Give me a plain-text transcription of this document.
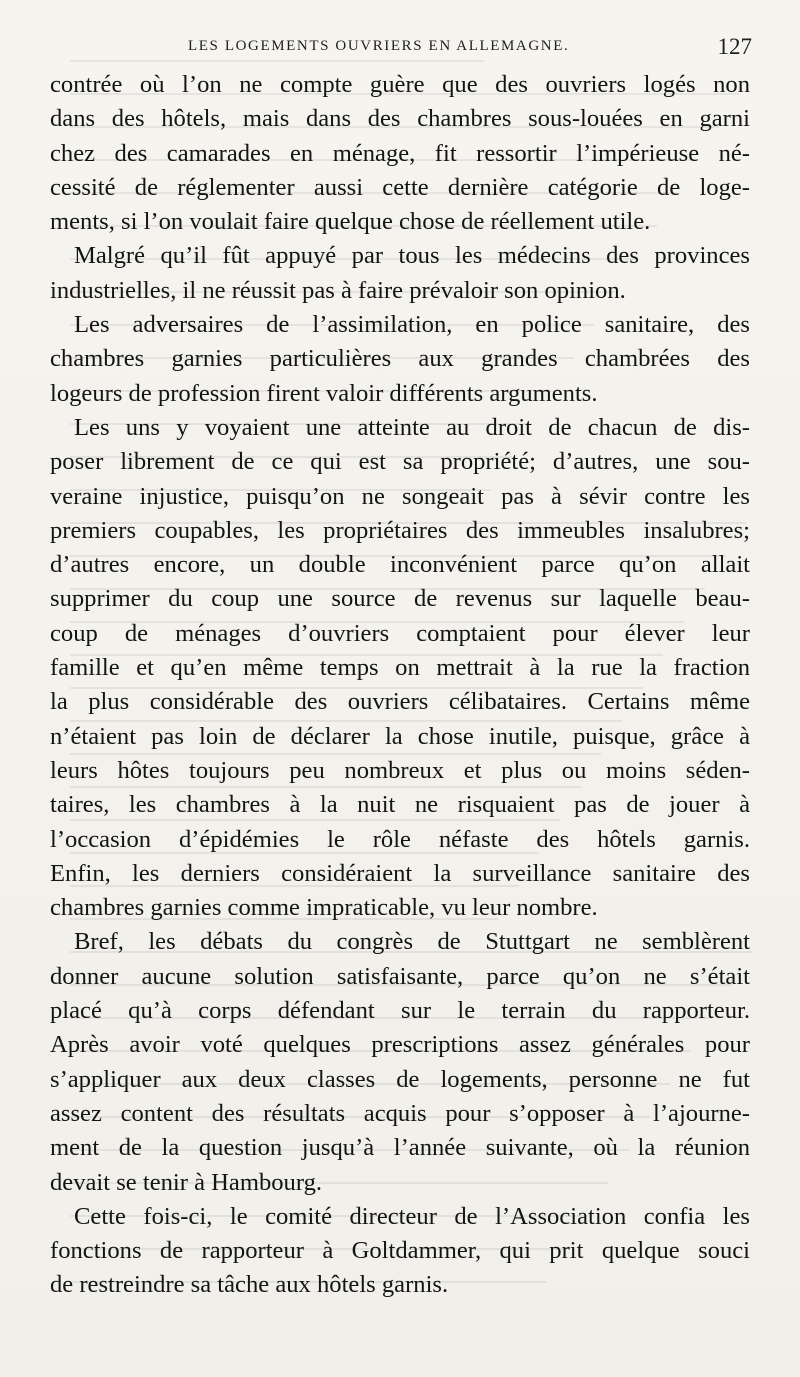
LES LOGEMENTS OUVRIERS EN ALLEMAGNE.	127
contrée où l’on ne compte guère que des ouvriers logés non
dans des hôtels, mais dans des chambres sous-louées en garni
chez des camarades en ménage, fit ressortir l’impérieuse né-
cessité de réglementer aussi cette dernière catégorie de loge-
ments, si l’on voulait faire quelque chose de réellement utile.
Malgré qu’il fût appuyé par tous les médecins des provinces
industrielles, il ne réussit pas à faire prévaloir son opinion.
Les adversaires de l’assimilation, en police sanitaire, des
chambres garnies particulières aux grandes chambrées des
logeurs de profession firent valoir différents arguments.
Les uns y voyaient une atteinte au droit de chacun de dis-
poser librement de ce qui est sa propriété; d’autres, une sou-
veraine injustice, puisqu’on ne songeait pas à sévir contre les
premiers coupables, les propriétaires des immeubles insalubres;
d’autres encore, un double inconvénient parce qu’on allait
supprimer du coup une source de revenus sur laquelle beau-
coup de ménages d’ouvriers comptaient pour élever leur
famille et qu’en même temps on mettrait à la rue la fraction
la plus considérable des ouvriers célibataires. Certains même
n’étaient pas loin de déclarer la chose inutile, puisque, grâce à
leurs hôtes toujours peu nombreux et plus ou moins séden-
taires, les chambres à la nuit ne risquaient pas de jouer à
l’occasion d’épidémies le rôle néfaste des hôtels garnis.
Enfin, les derniers considéraient la surveillance sanitaire des
chambres garnies comme impraticable, vu leur nombre.
Bref, les débats du congrès de Stuttgart ne semblèrent
donner aucune solution satisfaisante, parce qu’on ne s’était
placé qu’à corps défendant sur le terrain du rapporteur.
Après avoir voté quelques prescriptions assez générales pour
s’appliquer aux deux classes de logements, personne ne fut
assez content des résultats acquis pour s’opposer à l’ajourne-
ment de la question jusqu’à l’année suivante, où la réunion
devait se tenir à Hambourg.
Cette fois-ci, le comité directeur de l’Association confia les
fonctions de rapporteur à Goltdammer, qui prit quelque souci
de restreindre sa tâche aux hôtels garnis.
